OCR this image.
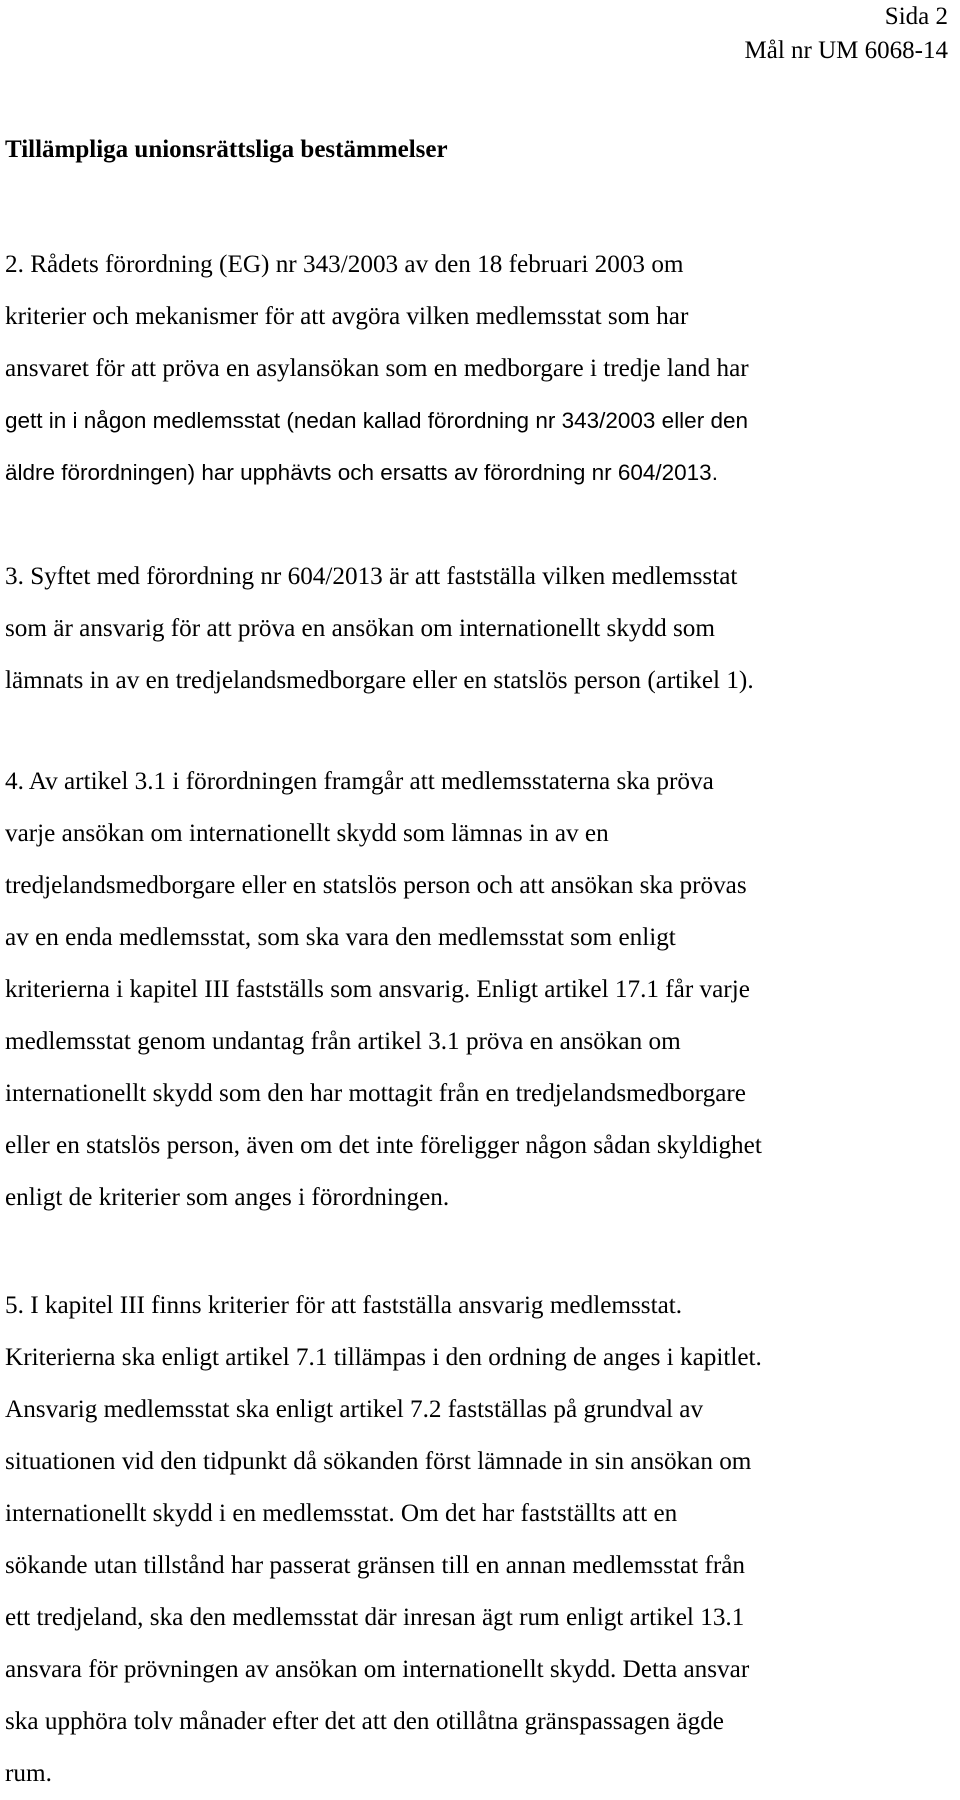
Sida 2
Mål nr UM 6068-14
Tillämpliga unionsrättsliga bestämmelser
2. Rådets förordning (EG) nr 343/2003 av den 18 februari 2003 om
kriterier och mekanismer för att avgöra vilken medlemsstat som har
ansvaret för att pröva en asylansökan som en medborgare i tredje land har
gett in i någon medlemsstat (nedan kallad förordning nr 343/2003 eller den
äldre förordningen) har upphävts och ersatts av förordning nr 604/2013.
3. Syftet med förordning nr 604/2013 är att fastställa vilken medlemsstat
som är ansvarig för att pröva en ansökan om internationellt skydd som
lämnats in av en tredjelandsmedborgare eller en statslös person (artikel 1).
4. Av artikel 3.1 i förordningen framgår att medlemsstaterna ska pröva
varje ansökan om internationellt skydd som lämnas in av en
tredjelandsmedborgare eller en statslös person och att ansökan ska prövas
av en enda medlemsstat, som ska vara den medlemsstat som enligt
kriterierna i kapitel III fastställs som ansvarig. Enligt artikel 17.1 får varje
medlemsstat genom undantag från artikel 3.1 pröva en ansökan om
internationellt skydd som den har mottagit från en tredjelandsmedborgare
eller en statslös person, även om det inte föreligger någon sådan skyldighet
enligt de kriterier som anges i förordningen.
5. I kapitel III finns kriterier för att fastställa ansvarig medlemsstat.
Kriterierna ska enligt artikel 7.1 tillämpas i den ordning de anges i kapitlet.
Ansvarig medlemsstat ska enligt artikel 7.2 fastställas på grundval av
situationen vid den tidpunkt då sökanden först lämnade in sin ansökan om
internationellt skydd i en medlemsstat. Om det har fastställts att en
sökande utan tillstånd har passerat gränsen till en annan medlemsstat från
ett tredjeland, ska den medlemsstat där inresan ägt rum enligt artikel 13.1
ansvara för prövningen av ansökan om internationellt skydd. Detta ansvar
ska upphöra tolv månader efter det att den otillåtna gränspassagen ägde
rum.
